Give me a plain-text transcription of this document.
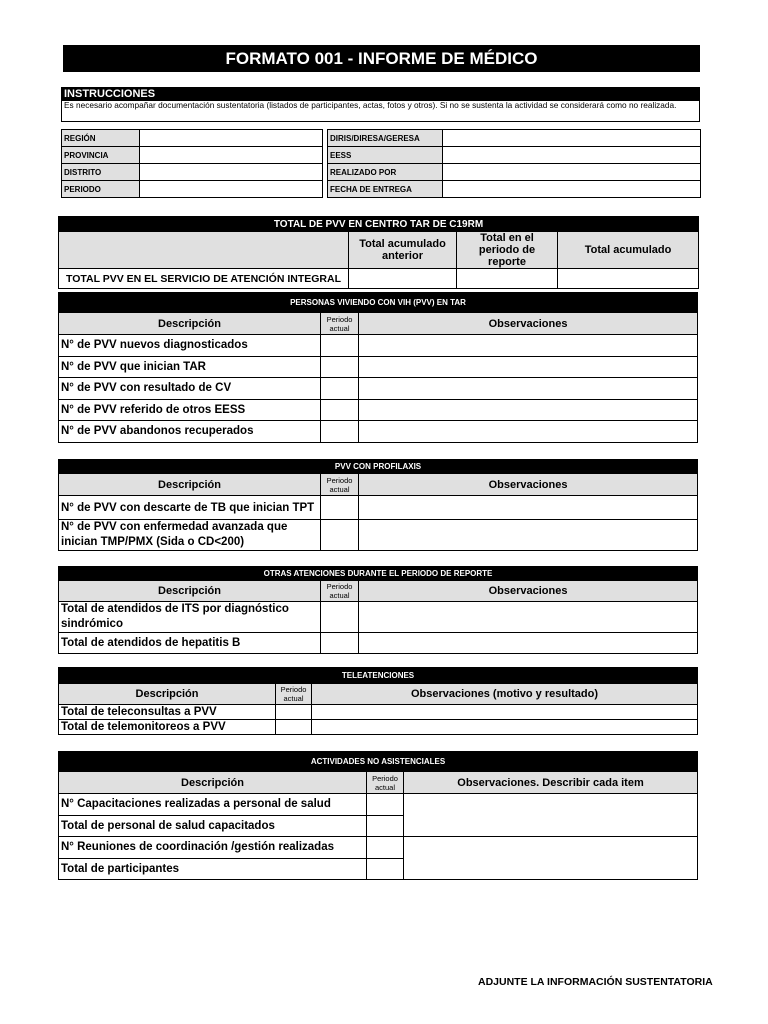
FORMATO 001 - INFORME DE MÉDICO
INSTRUCCIONES
Es necesario acompañar documentación sustentatoria (listados de participantes, actas, fotos y otros). Si no se sustenta la actividad se considerará como no realizada.
REGIÓN			DIRIS/DIRESA/GERESA	
PROVINCIA			EESS	
DISTRITO			REALIZADO POR	
PERIODO			FECHA DE ENTREGA	
TOTAL DE PVV EN CENTRO TAR DE C19RM			
	Total acumulado anterior	Total en el periodo de reporte	Total acumulado
TOTAL PVV EN EL SERVICIO DE ATENCIÓN INTEGRAL			
PERSONAS VIVIENDO CON VIH (PVV) EN TAR		
Descripción	Periodo actual	Observaciones
N° de PVV nuevos diagnosticados		
N° de PVV que inician TAR		
N° de PVV con resultado de CV		
N° de PVV referido de otros EESS		
N° de PVV abandonos recuperados		
PVV CON PROFILAXIS		
Descripción	Periodo actual	Observaciones
N° de PVV con descarte de TB que inician TPT		
N° de PVV con enfermedad avanzada que inician TMP/PMX (Sida o CD<200)		
OTRAS ATENCIONES DURANTE EL PERIODO DE REPORTE		
Descripción	Periodo actual	Observaciones
Total de atendidos de ITS por diagnóstico sindrómico		
Total de atendidos de hepatitis B		
TELEATENCIONES		
Descripción	Periodo actual	Observaciones (motivo y resultado)
Total de teleconsultas a PVV		
Total de telemonitoreos a PVV		
ACTIVIDADES NO ASISTENCIALES		
Descripción	Periodo actual	Observaciones. Describir cada item
N° Capacitaciones realizadas a personal de salud		
Total de personal de salud capacitados		
N° Reuniones de coordinación /gestión realizadas		
Total de participantes		
ADJUNTE LA INFORMACIÓN SUSTENTATORIA
